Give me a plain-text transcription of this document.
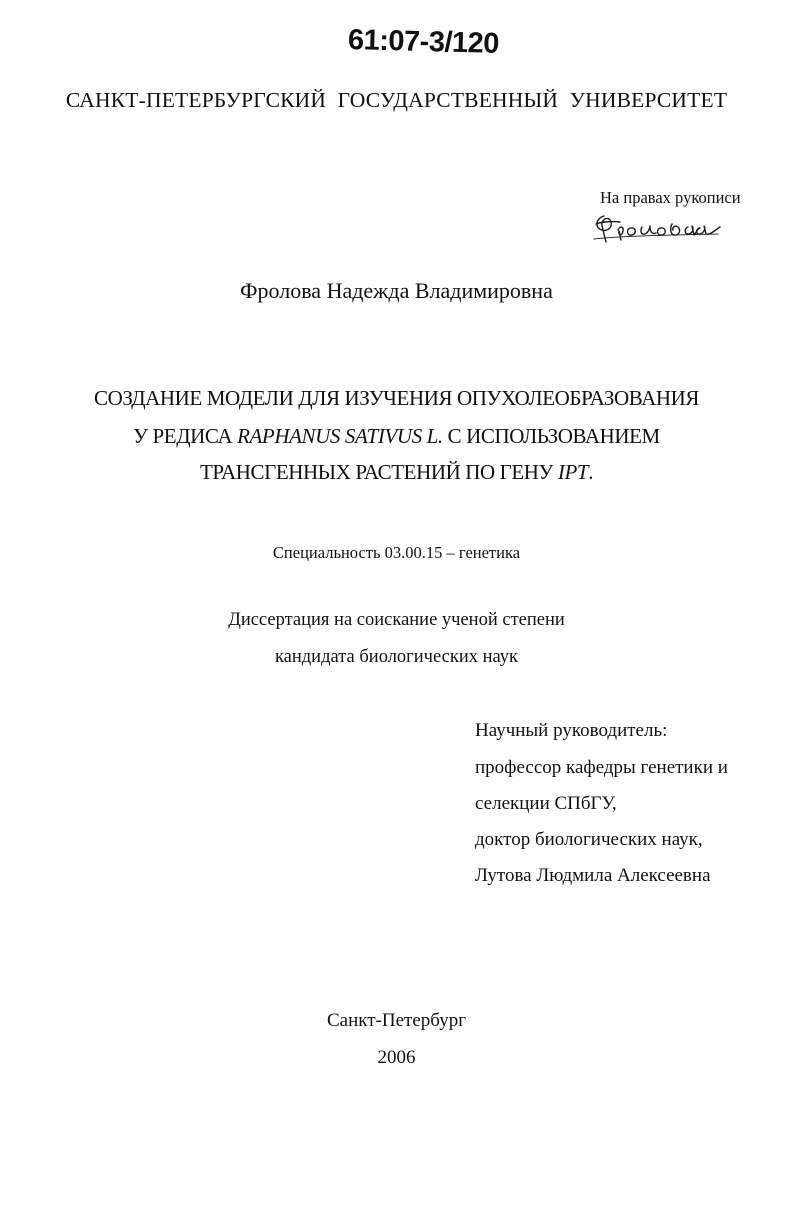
61:07-3/120
САНКТ-ПЕТЕРБУРГСКИЙ ГОСУДАРСТВЕННЫЙ УНИВЕРСИТЕТ
На правах рукописи
Фролова Надежда Владимировна
СОЗДАНИЕ МОДЕЛИ ДЛЯ ИЗУЧЕНИЯ ОПУХОЛЕОБРАЗОВАНИЯ
У РЕДИСА RAPHANUS SATIVUS L. С ИСПОЛЬЗОВАНИЕМ
ТРАНСГЕННЫХ РАСТЕНИЙ ПО ГЕНУ IPT.
Специальность 03.00.15 – генетика
Диссертация на соискание ученой степени
кандидата биологических наук
Научный руководитель:
профессор кафедры генетики и
селекции СПбГУ,
доктор биологических наук,
Лутова Людмила Алексеевна
Санкт-Петербург
2006
